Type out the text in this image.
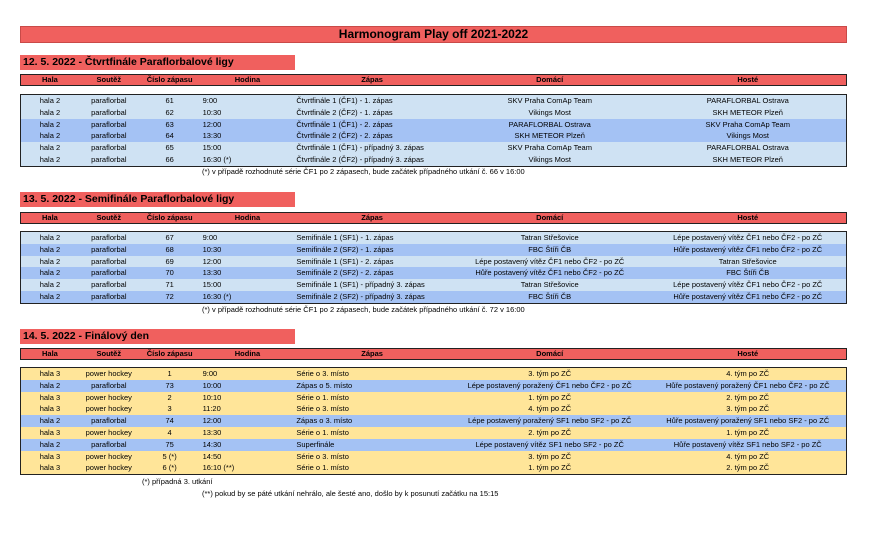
Harmonogram Play off 2021-2022
12. 5. 2022 - Čtvrtfinále Paraflorbalové ligy
Hala	Soutěž	Číslo zápasu	Hodina	Zápas	Domácí	Hosté
hala 2	paraflorbal	61	9:00	Čtvrtfinále 1 (ČF1) - 1. zápas	SKV Praha ComAp Team	PARAFLORBAL Ostrava
hala 2	paraflorbal	62	10:30	Čtvrtfinále 2 (ČF2) - 1. zápas	Vikings Most	SKH METEOR Plzeň
hala 2	paraflorbal	63	12:00	Čtvrtfinále 1 (ČF1) - 2. zápas	PARAFLORBAL Ostrava	SKV Praha ComAp Team
hala 2	paraflorbal	64	13:30	Čtvrtfinále 2 (ČF2) - 2. zápas	SKH METEOR Plzeň	Vikings Most
hala 2	paraflorbal	65	15:00	Čtvrtfinále 1 (ČF1) - případný 3. zápas	SKV Praha ComAp Team	PARAFLORBAL Ostrava
hala 2	paraflorbal	66	16:30 (*)	Čtvrtfinále 2 (ČF2) - případný 3. zápas	Vikings Most	SKH METEOR Plzeň
(*) v případě rozhodnuté série ČF1 po 2 zápasech, bude začátek případného utkání č. 66 v 16:00
13. 5. 2022 - Semifinále Paraflorbalové ligy
Hala	Soutěž	Číslo zápasu	Hodina	Zápas	Domácí	Hosté
hala 2	paraflorbal	67	9:00	Semifinále 1 (SF1) - 1. zápas	Tatran Střešovice	Lépe postavený vítěz ČF1 nebo ČF2 - po ZČ
hala 2	paraflorbal	68	10:30	Semifinále 2 (SF2) - 1. zápas	FBC Štíři ČB	Hůře postavený vítěz ČF1 nebo ČF2 - po ZČ
hala 2	paraflorbal	69	12:00	Semifinále 1 (SF1) - 2. zápas	Lépe postavený vítěz ČF1 nebo ČF2 - po ZČ	Tatran Střešovice
hala 2	paraflorbal	70	13:30	Semifinále 2 (SF2) - 2. zápas	Hůře postavený vítěz ČF1 nebo ČF2 - po ZČ	FBC Štíři ČB
hala 2	paraflorbal	71	15:00	Semifinále 1 (SF1) - případný 3. zápas	Tatran Střešovice	Lépe postavený vítěz ČF1 nebo ČF2 - po ZČ
hala 2	paraflorbal	72	16:30 (*)	Semifinále 2 (SF2) - případný 3. zápas	FBC Štíři ČB	Hůře postavený vítěz ČF1 nebo ČF2 - po ZČ
(*) v případě rozhodnuté série ČF1 po 2 zápasech, bude začátek případného utkání č. 72 v 16:00
14. 5. 2022 - Finálový den
Hala	Soutěž	Číslo zápasu	Hodina	Zápas	Domácí	Hosté
hala 3	power hockey	1	9:00	Série o 3. místo	3. tým po ZČ	4. tým po ZČ
hala 2	paraflorbal	73	10:00	Zápas o 5. místo	Lépe postavený poražený ČF1 nebo ČF2 - po ZČ	Hůře postavený poražený ČF1 nebo ČF2 - po ZČ
hala 3	power hockey	2	10:10	Série o 1. místo	1. tým po ZČ	2. tým po ZČ
hala 3	power hockey	3	11:20	Série o 3. místo	4. tým po ZČ	3. tým po ZČ
hala 2	paraflorbal	74	12:00	Zápas o 3. místo	Lépe postavený poražený SF1 nebo SF2 - po ZČ	Hůře postavený poražený SF1 nebo SF2 - po ZČ
hala 3	power hockey	4	13:30	Série o 1. místo	2. tým po ZČ	1. tým po ZČ
hala 2	paraflorbal	75	14:30	Superfinále	Lépe postavený vítěz SF1 nebo SF2 - po ZČ	Hůře postavený vítěz SF1 nebo SF2 - po ZČ
hala 3	power hockey	5 (*)	14:50	Série o 3. místo	3. tým po ZČ	4. tým po ZČ
hala 3	power hockey	6 (*)	16:10 (**)	Série o 1. místo	1. tým po ZČ	2. tým po ZČ
(*) případná 3. utkání
(**) pokud by se páté utkání nehrálo, ale šesté ano, došlo by k posunutí začátku na 15:15
